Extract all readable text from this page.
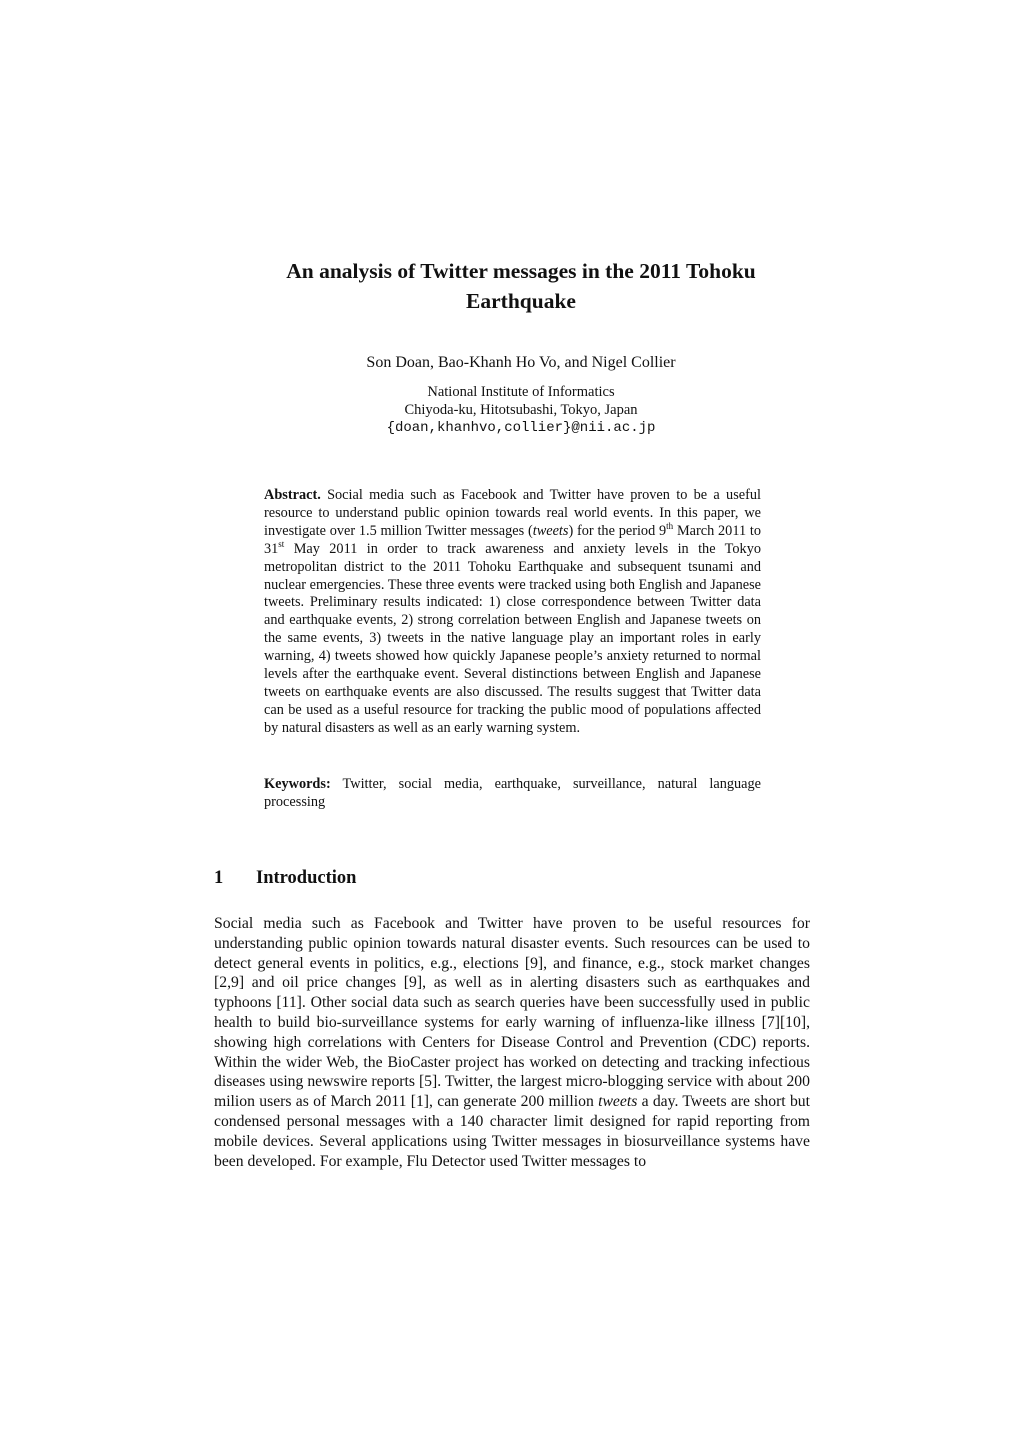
An analysis of Twitter messages in the 2011 Tohoku
Earthquake
Son Doan, Bao-Khanh Ho Vo, and Nigel Collier
National Institute of Informatics
Chiyoda-ku, Hitotsubashi, Tokyo, Japan
{doan,khanhvo,collier}@nii.ac.jp

Abstract. Social media such as Facebook and Twitter have proven to be a useful resource to understand public opinion towards real world events. In this paper, we investigate over 1.5 million Twitter messages (tweets) for the period 9th March 2011 to 31st May 2011 in order to track awareness and anxiety levels in the Tokyo metropolitan district to the 2011 Tohoku Earthquake and subsequent tsunami and nuclear emergencies. These three events were tracked using both English and Japanese tweets. Preliminary results indicated: 1) close correspondence between Twitter data and earthquake events, 2) strong correlation between English and Japanese tweets on the same events, 3) tweets in the native language play an important roles in early warning, 4) tweets showed how quickly Japanese people’s anxiety returned to normal levels after the earthquake event. Several distinctions between English and Japanese tweets on earthquake events are also discussed. The results suggest that Twitter data can be used as a useful resource for tracking the public mood of populations affected by natural disasters as well as an early warning system.

Keywords: Twitter, social media, earthquake, surveillance, natural language processing

1 Introduction

Social media such as Facebook and Twitter have proven to be useful resources for understanding public opinion towards natural disaster events. Such resources can be used to detect general events in politics, e.g., elections [9], and finance, e.g., stock market changes [2,9] and oil price changes [9], as well as in alerting disasters such as earthquakes and typhoons [11]. Other social data such as search queries have been successfully used in public health to build bio-surveillance systems for early warning of influenza-like illness [7][10], showing high correlations with Centers for Disease Control and Prevention (CDC) reports. Within the wider Web, the BioCaster project has worked on detecting and tracking infectious diseases using newswire reports [5]. Twitter, the largest micro-blogging service with about 200 milion users as of March 2011 [1], can generate 200 million tweets a day. Tweets are short but condensed personal messages with a 140 character limit designed for rapid reporting from mobile devices. Several applications using Twitter messages in biosurveillance systems have been developed. For example, Flu Detector used Twitter messages to
